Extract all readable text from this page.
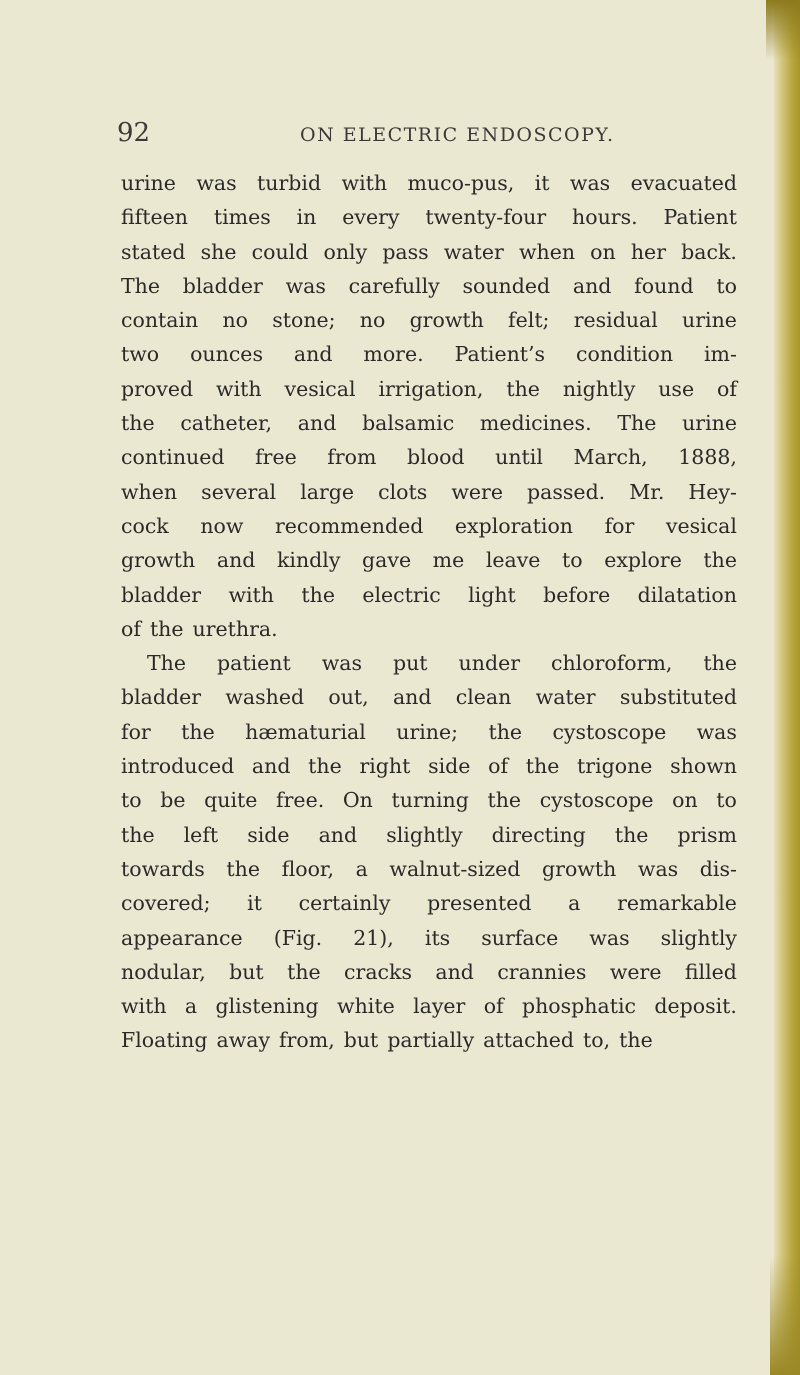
92	ON ELECTRIC ENDOSCOPY.
urine was turbid with muco-pus, it was evacuated
fifteen times in every twenty-four hours. Patient
stated she could only pass water when on her back.
The bladder was carefully sounded and found to
contain no stone; no growth felt; residual urine
two ounces and more. Patient’s condition im-
proved with vesical irrigation, the nightly use of
the catheter, and balsamic medicines. The urine
continued free from blood until March, 1888,
when several large clots were passed. Mr. Hey-
cock now recommended exploration for vesical
growth and kindly gave me leave to explore the
bladder with the electric light before dilatation
of the urethra.
The patient was put under chloroform, the
bladder washed out, and clean water substituted
for the hæmaturial urine; the cystoscope was
introduced and the right side of the trigone shown
to be quite free. On turning the cystoscope on to
the left side and slightly directing the prism
towards the floor, a walnut-sized growth was dis-
covered; it certainly presented a remarkable
appearance (Fig. 21), its surface was slightly
nodular, but the cracks and crannies were filled
with a glistening white layer of phosphatic deposit.
Floating away from, but partially attached to, the
